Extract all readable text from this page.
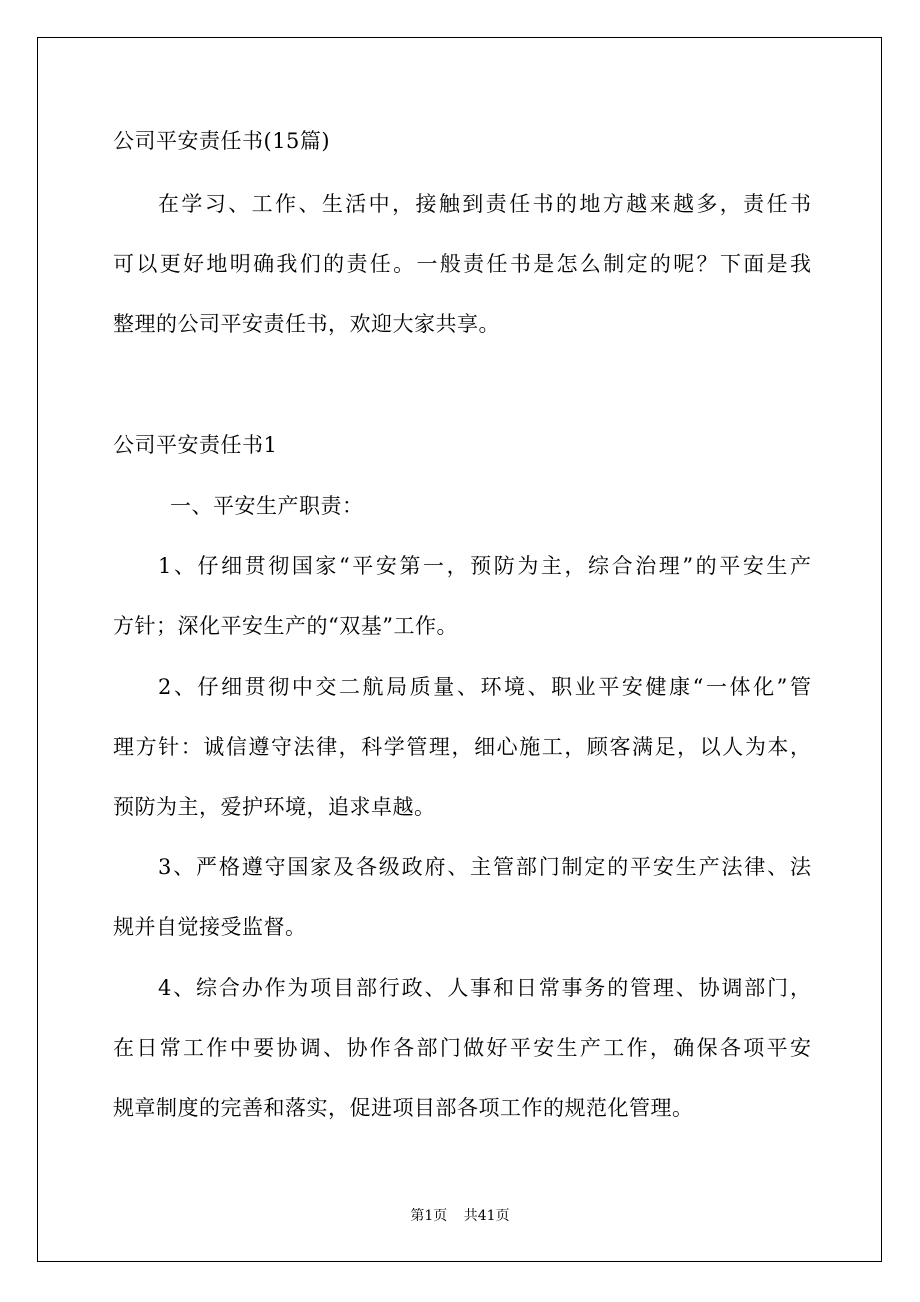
公司平安责任书(15篇)
在学习、工作、生活中，接触到责任书的地方越来越多，责任书
可以更好地明确我们的责任。一般责任书是怎么制定的呢？下面是我
整理的公司平安责任书，欢迎大家共享。
公司平安责任书1
一、平安生产职责：
1、仔细贯彻国家“平安第一，预防为主，综合治理”的平安生产
方针；深化平安生产的“双基”工作。
2、仔细贯彻中交二航局质量、环境、职业平安健康“一体化”管
理方针：诚信遵守法律，科学管理，细心施工，顾客满足，以人为本，
预防为主，爱护环境，追求卓越。
3、严格遵守国家及各级政府、主管部门制定的平安生产法律、法
规并自觉接受监督。
4、综合办作为项目部行政、人事和日常事务的管理、协调部门，
在日常工作中要协调、协作各部门做好平安生产工作，确保各项平安
规章制度的完善和落实，促进项目部各项工作的规范化管理。
第1页 共41页
